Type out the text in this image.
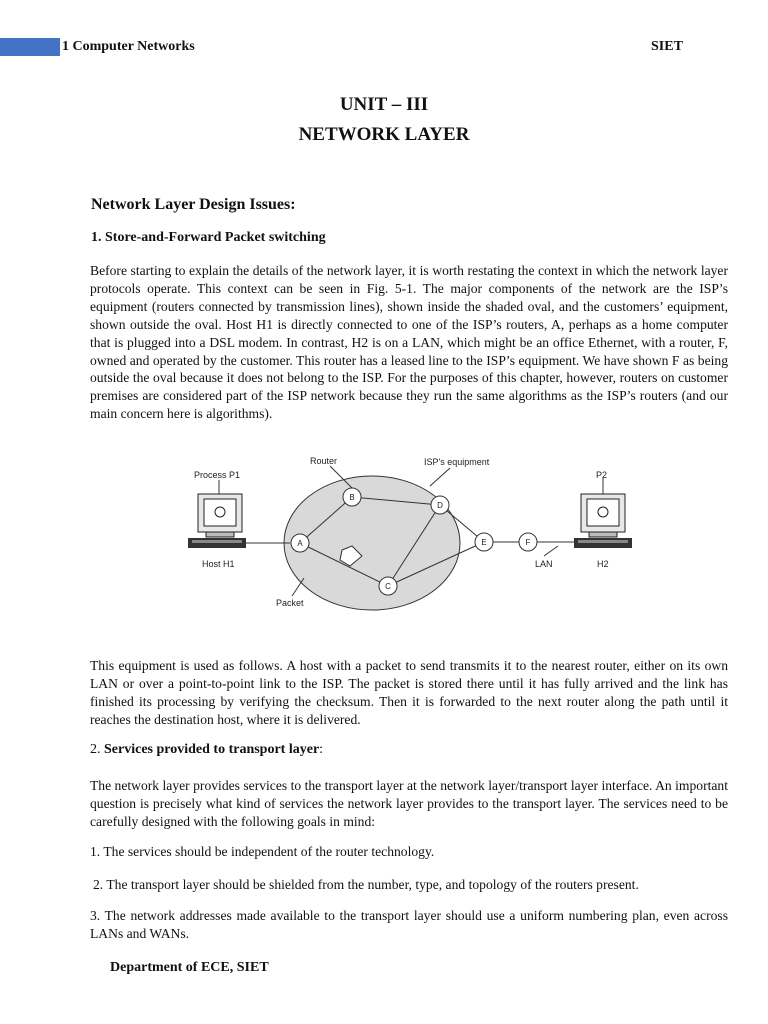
1 Computer Networks	SIET
UNIT – III
NETWORK LAYER
Network Layer Design Issues:
1. Store-and-Forward Packet switching

Before starting to explain the details of the network layer, it is worth restating the context in which the network layer protocols operate. This context can be seen in Fig. 5-1. The major components of the network are the ISP’s equipment (routers connected by transmission lines), shown inside the shaded oval, and the customers’ equipment, shown outside the oval. Host H1 is directly connected to one of the ISP’s routers, A, perhaps as a home computer that is plugged into a DSL modem. In contrast, H2 is on a LAN, which might be an office Ethernet, with a router, F, owned and operated by the customer. This router has a leased line to the ISP’s equipment. We have shown F as being outside the oval because it does not belong to the ISP. For the purposes of this chapter, however, routers on customer premises are considered part of the ISP network because they run the same algorithms as the ISP’s routers (and our main concern here is algorithms).

A
B
C
D
E	F
Router	ISP's equipment
Process P1	P2
Host H1	H2
LAN
Packet

This equipment is used as follows. A host with a packet to send transmits it to the nearest router, either on its own LAN or over a point-to-point link to the ISP. The packet is stored there until it has fully arrived and the link has finished its processing by verifying the checksum. Then it is forwarded to the next router along the path until it reaches the destination host, where it is delivered.

2. Services provided to transport layer:

The network layer provides services to the transport layer at the network layer/transport layer interface. An important question is precisely what kind of services the network layer provides to the transport layer. The services need to be carefully designed with the following goals in mind:

1. The services should be independent of the router technology.

2. The transport layer should be shielded from the number, type, and topology of the routers present.

3. The network addresses made available to the transport layer should use a uniform numbering plan, even across LANs and WANs.

Department of ECE, SIET
